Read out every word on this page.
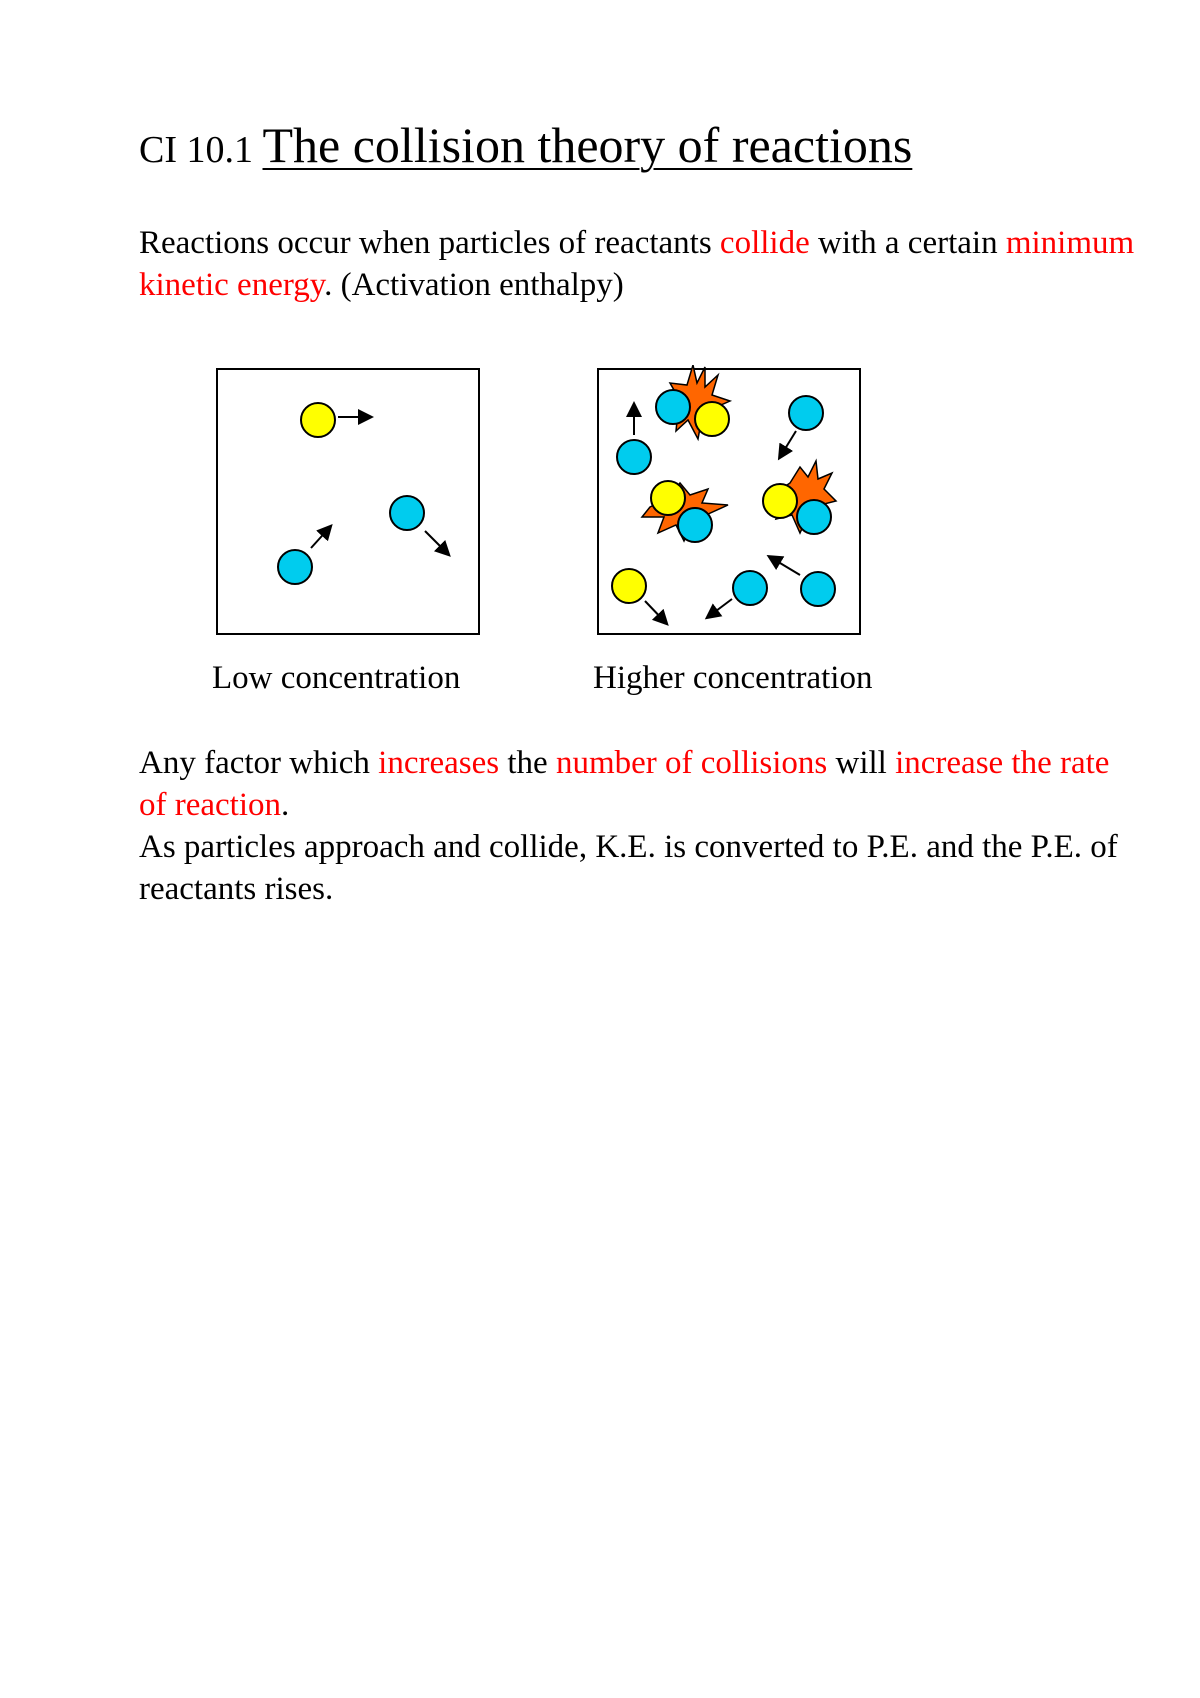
CI 10.1 The collision theory of reactions

Reactions occur when particles of reactants collide with a certain minimum kinetic energy. (Activation enthalpy)

Low concentration	Higher concentration

Any factor which increases the number of collisions will increase the rate of reaction.

As particles approach and collide, K.E. is converted to P.E. and the P.E. of reactants rises.
